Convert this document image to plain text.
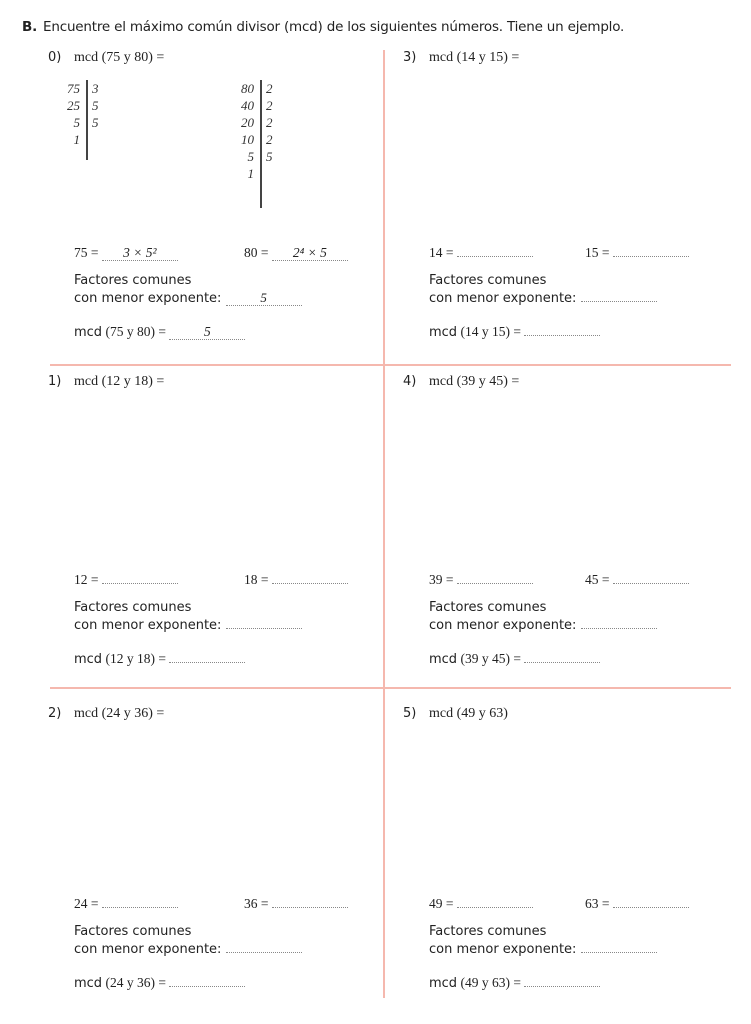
B. Encuentre el máximo común divisor (mcd) de los siguientes números. Tiene un ejemplo.
0) mcd (75 y 80) =
75 = 3 × 5²	80 = 2⁴ × 5
Factores comunes
con menor exponente:	5
mcd (75 y 80) =	5
1) mcd (12 y 18) =
12 =	18 =
Factores comunes
con menor exponente:
mcd (12 y 18) =
2) mcd (24 y 36) =
24 =	36 =
Factores comunes
con menor exponente:
mcd (24 y 36) =
3) mcd (14 y 15) =
14 =	15 =
Factores comunes
con menor exponente:
mcd (14 y 15) =
4) mcd (39 y 45) =
39 =	45 =
Factores comunes
con menor exponente:
mcd (39 y 45) =
5) mcd (49 y 63)
49 =	63 =
Factores comunes
con menor exponente:
mcd (49 y 63) =
75 3
25 5
5 5
1
80 2
40 2
20 2
10 2
5 5
1
